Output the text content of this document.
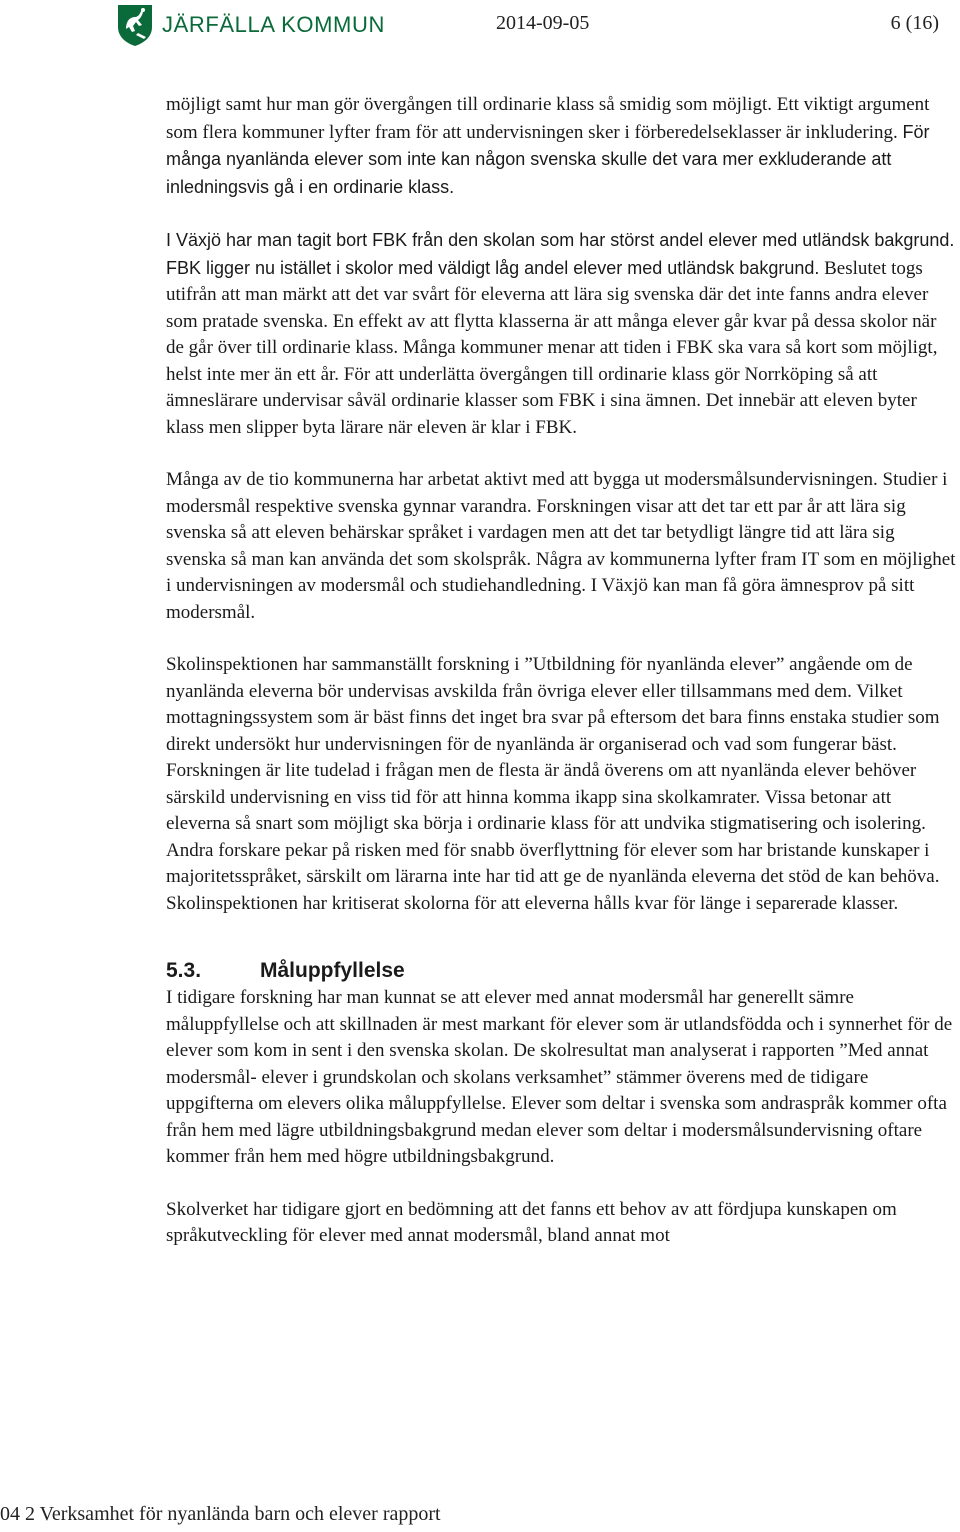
JÄRFÄLLA KOMMUN	2014-09-05	6 (16)

möjligt samt hur man gör övergången till ordinarie klass så smidig som möjligt. Ett viktigt argument som flera kommuner lyfter fram för att undervisningen sker i förberedelseklasser är inkludering. För många nyanlända elever som inte kan någon svenska skulle det vara mer exkluderande att inledningsvis gå i en ordinarie klass.

I Växjö har man tagit bort FBK från den skolan som har störst andel elever med utländsk bakgrund. FBK ligger nu istället i skolor med väldigt låg andel elever med utländsk bakgrund. Beslutet togs utifrån att man märkt att det var svårt för eleverna att lära sig svenska där det inte fanns andra elever som pratade svenska. En effekt av att flytta klasserna är att många elever går kvar på dessa skolor när de går över till ordinarie klass. Många kommuner menar att tiden i FBK ska vara så kort som möjligt, helst inte mer än ett år. För att underlätta övergången till ordinarie klass gör Norrköping så att ämneslärare undervisar såväl ordinarie klasser som FBK i sina ämnen. Det innebär att eleven byter klass men slipper byta lärare när eleven är klar i FBK.

Många av de tio kommunerna har arbetat aktivt med att bygga ut modersmålsundervisningen. Studier i modersmål respektive svenska gynnar varandra. Forskningen visar att det tar ett par år att lära sig svenska så att eleven behärskar språket i vardagen men att det tar betydligt längre tid att lära sig svenska så man kan använda det som skolspråk. Några av kommunerna lyfter fram IT som en möjlighet i undervisningen av modersmål och studiehandledning. I Växjö kan man få göra ämnesprov på sitt modersmål.

Skolinspektionen har sammanställt forskning i ”Utbildning för nyanlända elever” angående om de nyanlända eleverna bör undervisas avskilda från övriga elever eller tillsammans med dem. Vilket mottagningssystem som är bäst finns det inget bra svar på eftersom det bara finns enstaka studier som direkt undersökt hur undervisningen för de nyanlända är organiserad och vad som fungerar bäst. Forskningen är lite tudelad i frågan men de flesta är ändå överens om att nyanlända elever behöver särskild undervisning en viss tid för att hinna komma ikapp sina skolkamrater. Vissa betonar att eleverna så snart som möjligt ska börja i ordinarie klass för att undvika stigmatisering och isolering. Andra forskare pekar på risken med för snabb överflyttning för elever som har bristande kunskaper i majoritetsspråket, särskilt om lärarna inte har tid att ge de nyanlända eleverna det stöd de kan behöva. Skolinspektionen har kritiserat skolorna för att eleverna hålls kvar för länge i separerade klasser.

5.3.	Måluppfyllelse

I tidigare forskning har man kunnat se att elever med annat modersmål har generellt sämre måluppfyllelse och att skillnaden är mest markant för elever som är utlandsfödda och i synnerhet för de elever som kom in sent i den svenska skolan. De skolresultat man analyserat i rapporten ”Med annat modersmål- elever i grundskolan och skolans verksamhet” stämmer överens med de tidigare uppgifterna om elevers olika måluppfyllelse. Elever som deltar i svenska som andraspråk kommer ofta från hem med lägre utbildningsbakgrund medan elever som deltar i modersmålsundervisning oftare kommer från hem med högre utbildningsbakgrund.

Skolverket har tidigare gjort en bedömning att det fanns ett behov av att fördjupa kunskapen om språkutveckling för elever med annat modersmål, bland annat mot

04 2 Verksamhet för nyanlända barn och elever rapport
